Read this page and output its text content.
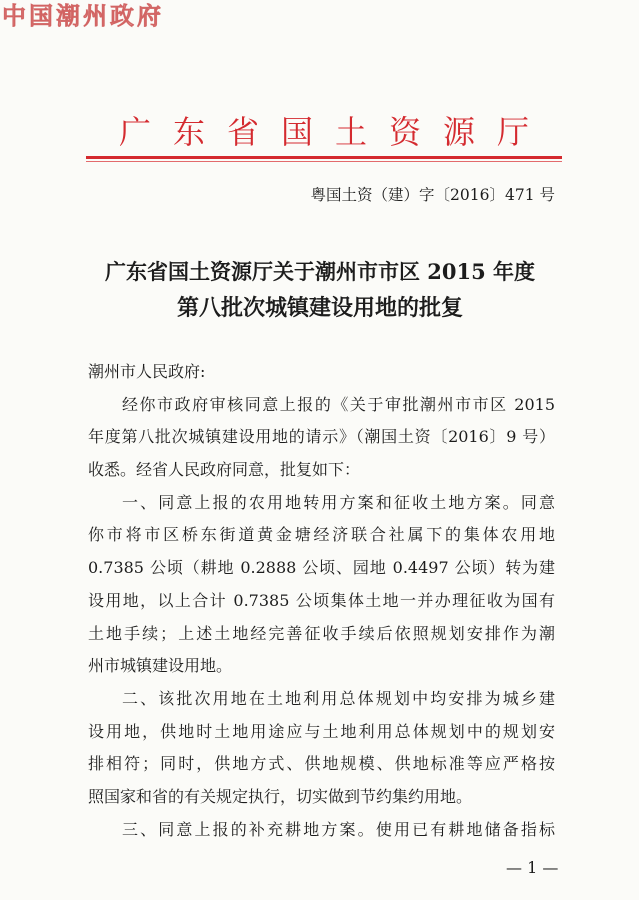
中国潮州政府
广东省国土资源厅
粤国土资（建）字〔2016〕471 号
广东省国土资源厅关于潮州市市区 2015 年度
第八批次城镇建设用地的批复
潮州市人民政府:
经你市政府审核同意上报的《关于审批潮州市市区 2015
年度第八批次城镇建设用地的请示》（潮国土资〔2016〕9 号）
收悉。经省人民政府同意，批复如下：
一、同意上报的农用地转用方案和征收土地方案。同意
你市将市区桥东街道黄金塘经济联合社属下的集体农用地
0.7385 公顷（耕地 0.2888 公顷、园地 0.4497 公顷）转为建
设用地，以上合计 0.7385 公顷集体土地一并办理征收为国有
土地手续；上述土地经完善征收手续后依照规划安排作为潮
州市城镇建设用地。
二、该批次用地在土地利用总体规划中均安排为城乡建
设用地，供地时土地用途应与土地利用总体规划中的规划安
排相符；同时，供地方式、供地规模、供地标准等应严格按
照国家和省的有关规定执行，切实做到节约集约用地。
三、同意上报的补充耕地方案。使用已有耕地储备指标
— 1 —
